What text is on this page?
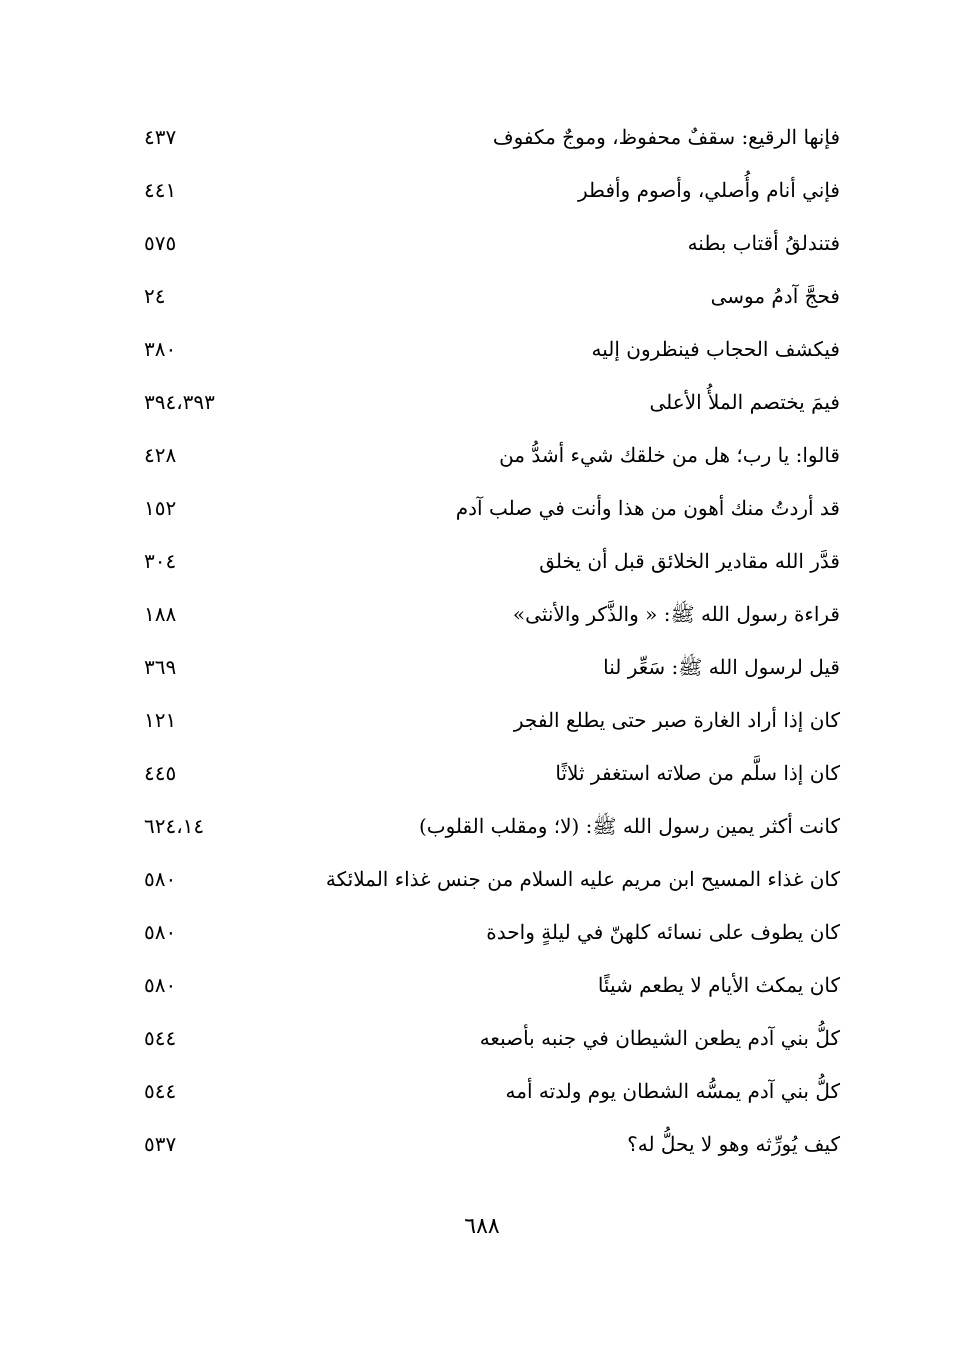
فإنها الرقيع: سقفٌ محفوظ، وموجٌ مكفوف
٤٣٧
فإني أنام وأُصلي، وأصوم وأفطر
٤٤١
فتندلقُ أقتاب بطنه
٥٧٥
فحجَّ آدمُ موسى
٢٤
فيكشف الحجاب فينظرون إليه
٣٨٠
فيمَ يختصم الملأُ الأعلى
٣٩٤،٣٩٣
قالوا: يا رب؛ هل من خلقك شيء أشدُّ من
٤٢٨
قد أردتُ منك أهون من هذا وأنت في صلب آدم
١٥٢
قدَّر الله مقادير الخلائق قبل أن يخلق
٣٠٤
قراءة رسول الله ﷺ: « والذَّكر والأنثى»
١٨٨
قيل لرسول الله ﷺ: سَعِّر لنا
٣٦٩
كان إذا أراد الغارة صبر حتى يطلع الفجر
١٢١
كان إذا سلَّم من صلاته استغفر ثلاثًا
٤٤٥
كانت أكثر يمين رسول الله ﷺ: (لا؛ ومقلب القلوب)
٦٢٤،١٤
كان غذاء المسيح ابن مريم عليه السلام من جنس غذاء الملائكة
٥٨٠
كان يطوف على نسائه كلهنّ في ليلةٍ واحدة
٥٨٠
كان يمكث الأيام لا يطعم شيئًا
٥٨٠
كلُّ بني آدم يطعن الشيطان في جنبه بأصبعه
٥٤٤
كلُّ بني آدم يمسُّه الشطان يوم ولدته أمه
٥٤٤
كيف يُورِّثه وهو لا يحلُّ له؟
٥٣٧
٦٨٨
